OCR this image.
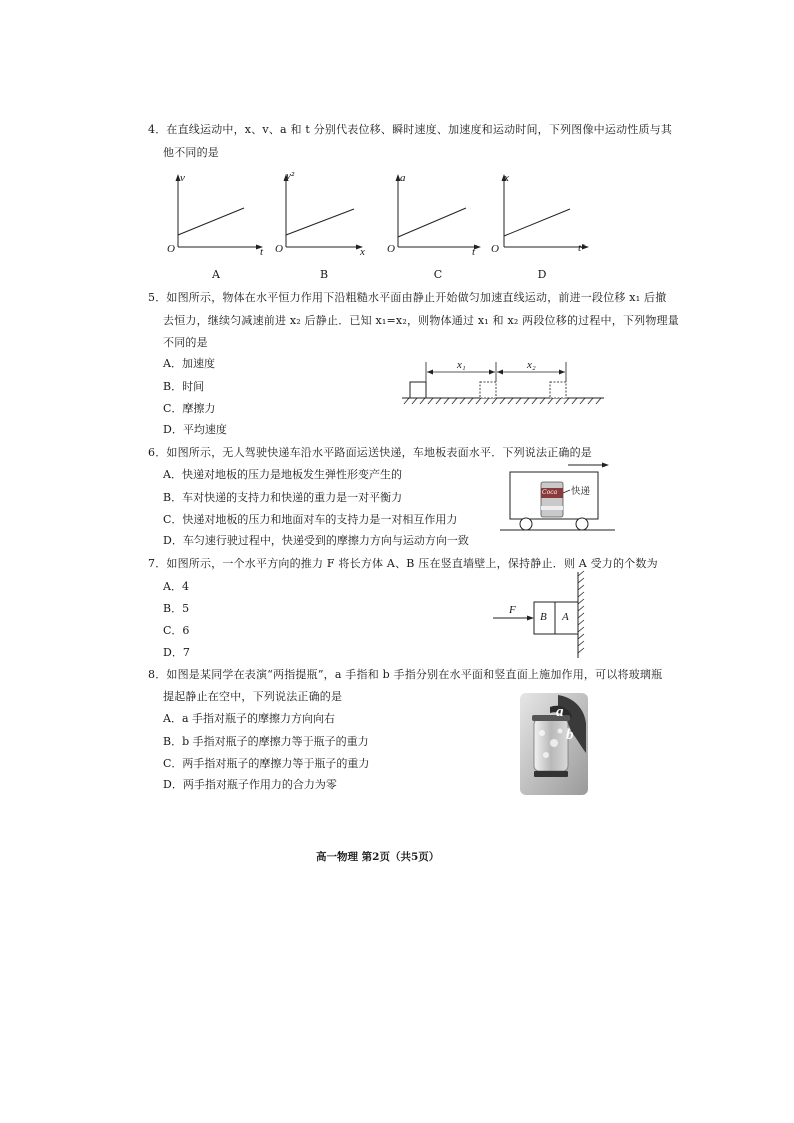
4．在直线运动中，x、v、a 和 t 分别代表位移、瞬时速度、加速度和运动时间，下列图像中运动性质与其
他不同的是
v
t
O
A
v²
x
O
B
a
t
O
C
x
t²
O
D
5．如图所示，物体在水平恒力作用下沿粗糙水平面由静止开始做匀加速直线运动，前进一段位移 x₁ 后撤
去恒力，继续匀减速前进 x₂ 后静止．已知 x₁=x₂，则物体通过 x₁ 和 x₂ 两段位移的过程中，下列物理量
不同的是
A．加速度
B．时间
C．摩擦力
D．平均速度
x₁	x₂
6．如图所示，无人驾驶快递车沿水平路面运送快递，车地板表面水平．下列说法正确的是
A．快递对地板的压力是地板发生弹性形变产生的
B．车对快递的支持力和快递的重力是一对平衡力
C．快递对地板的压力和地面对车的支持力是一对相互作用力
D．车匀速行驶过程中，快递受到的摩擦力方向与运动方向一致
Coca 快递
7．如图所示，一个水平方向的推力 F 将长方体 A、B 压在竖直墙壁上，保持静止．则 A 受力的个数为
A．4
B．5
C．6
D．7
F
B A
8．如图是某同学在表演“两指提瓶”，a 手指和 b 手指分别在水平面和竖直面上施加作用，可以将玻璃瓶
提起静止在空中，下列说法正确的是
A．a 手指对瓶子的摩擦力方向向右
B．b 手指对瓶子的摩擦力等于瓶子的重力
C．两手指对瓶子的摩擦力等于瓶子的重力
D．两手指对瓶子作用力的合力为零
a
b
高一物理 第2页（共5页）
